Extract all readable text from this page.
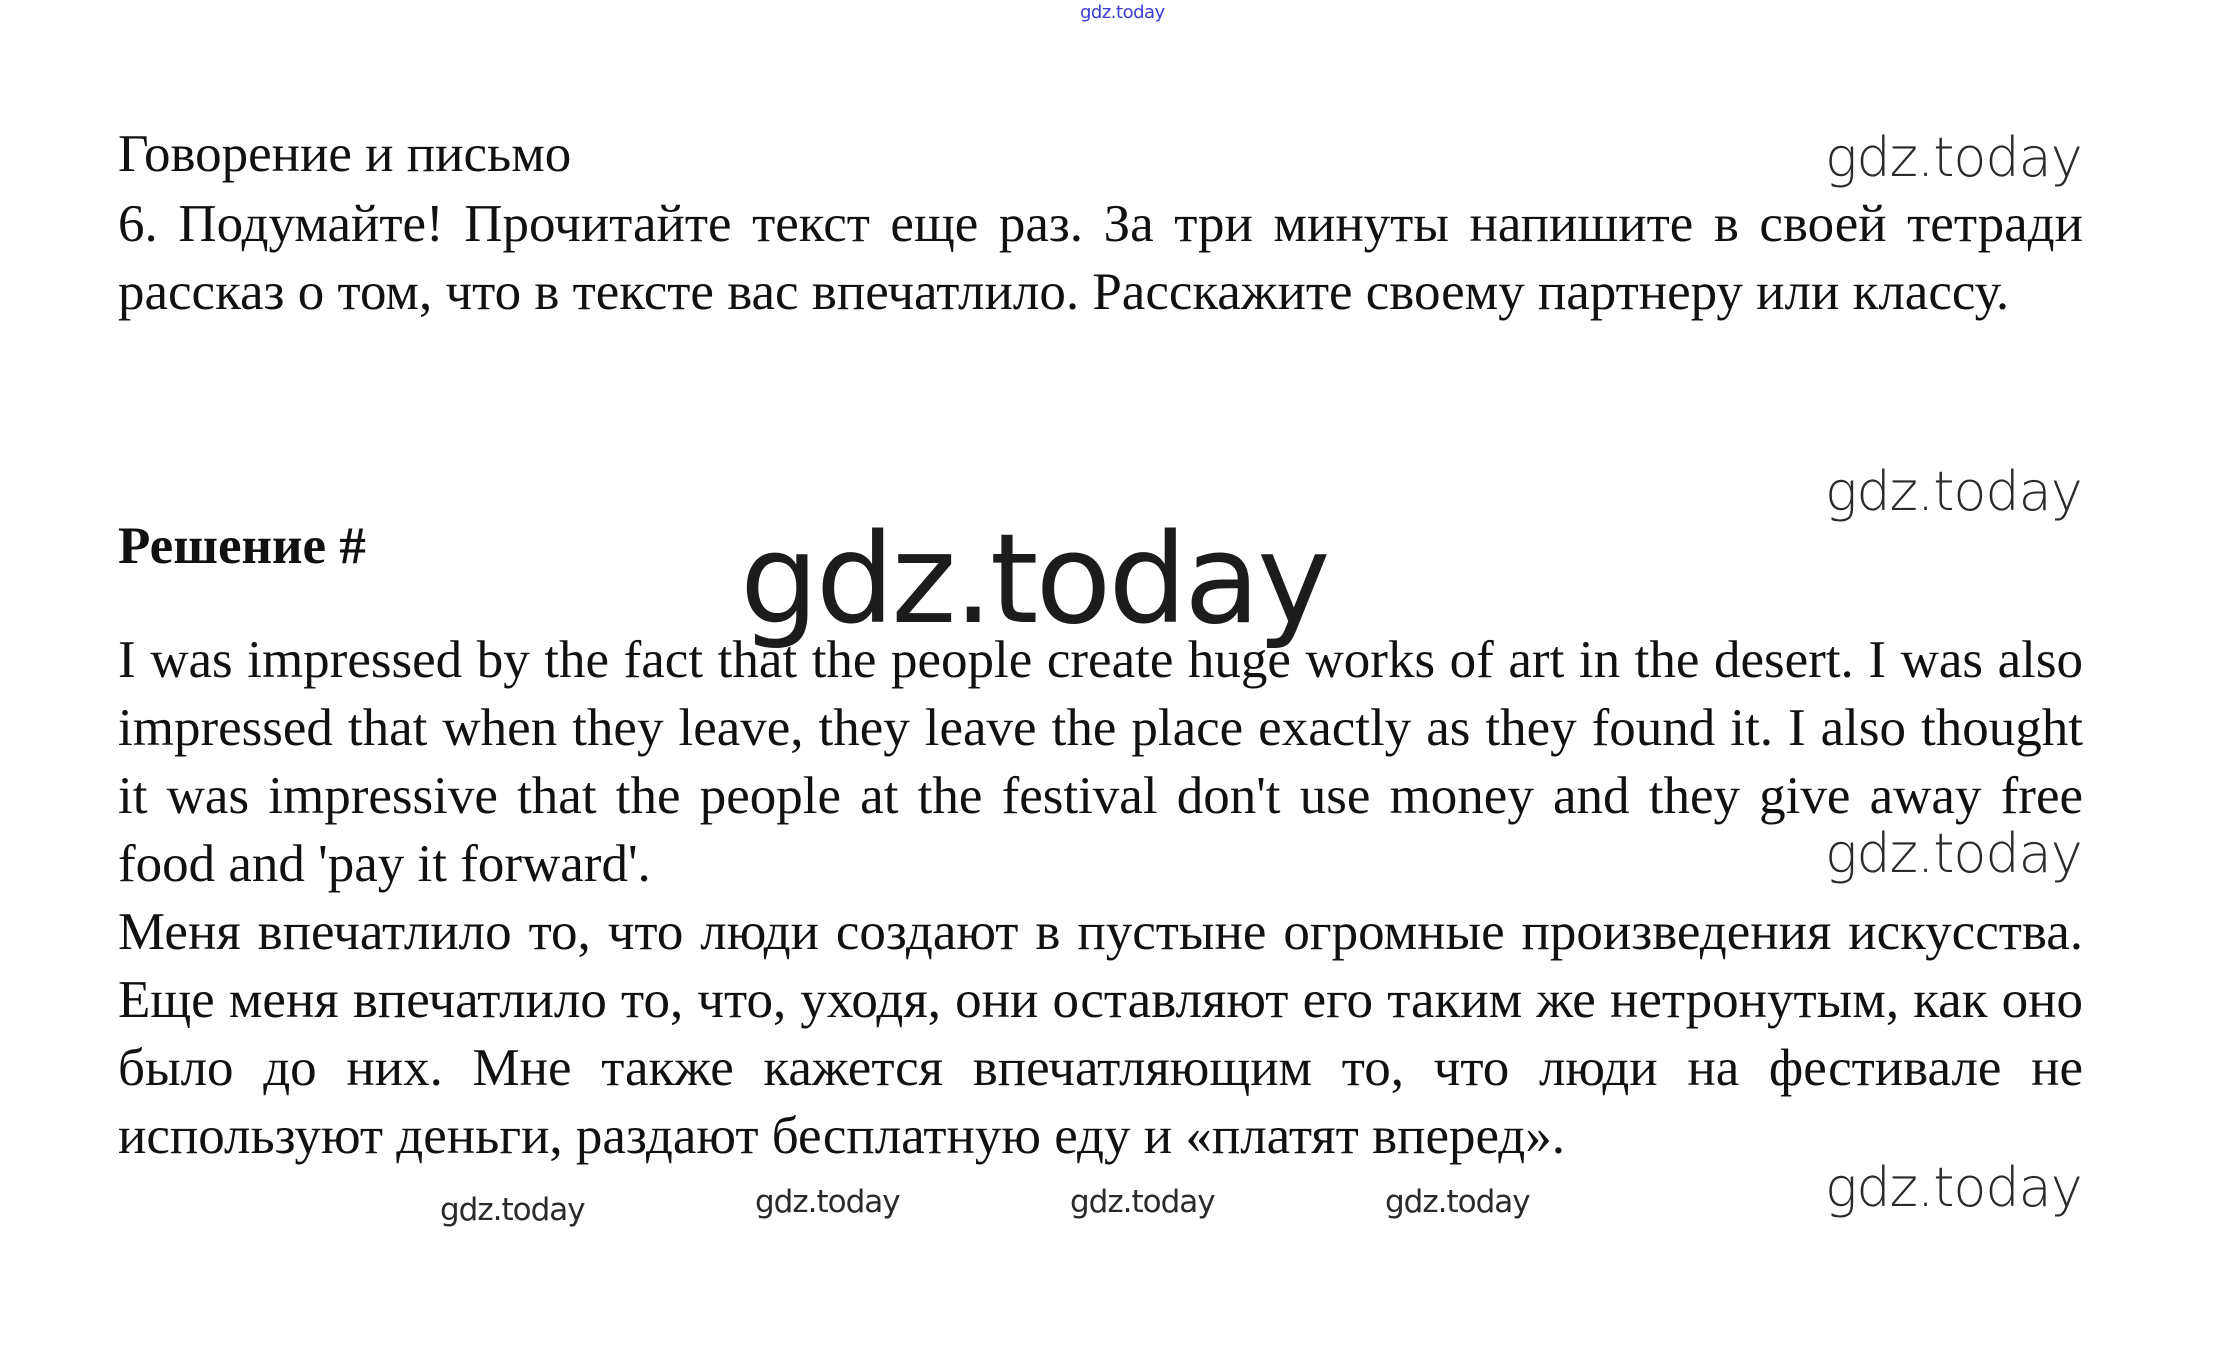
gdz.today
Говорение и письмо	gdz.today
6. Подумайте! Прочитайте текст еще раз. За три минуты напишите в своей тетради рассказ о том, что в тексте вас впечатлило. Расскажите своему партнеру или классу.
gdz.today
Решение #	gdz.today
I was impressed by the fact that the people create huge works of art in the desert. I was also impressed that when they leave, they leave the place exactly as they found it. I also thought it was impressive that the people at the festival don't use money and they give away free food and 'pay it forward'.	gdz.today
Меня впечатлило то, что люди создают в пустыне огромные произведения искусства. Еще меня впечатлило то, что, уходя, они оставляют его таким же нетронутым, как оно было до них. Мне также кажется впечатляющим то, что люди на фестивале не используют деньги, раздают бесплатную еду и «платят вперед».
gdz.today
gdz.today	gdz.today	gdz.today	gdz.today
